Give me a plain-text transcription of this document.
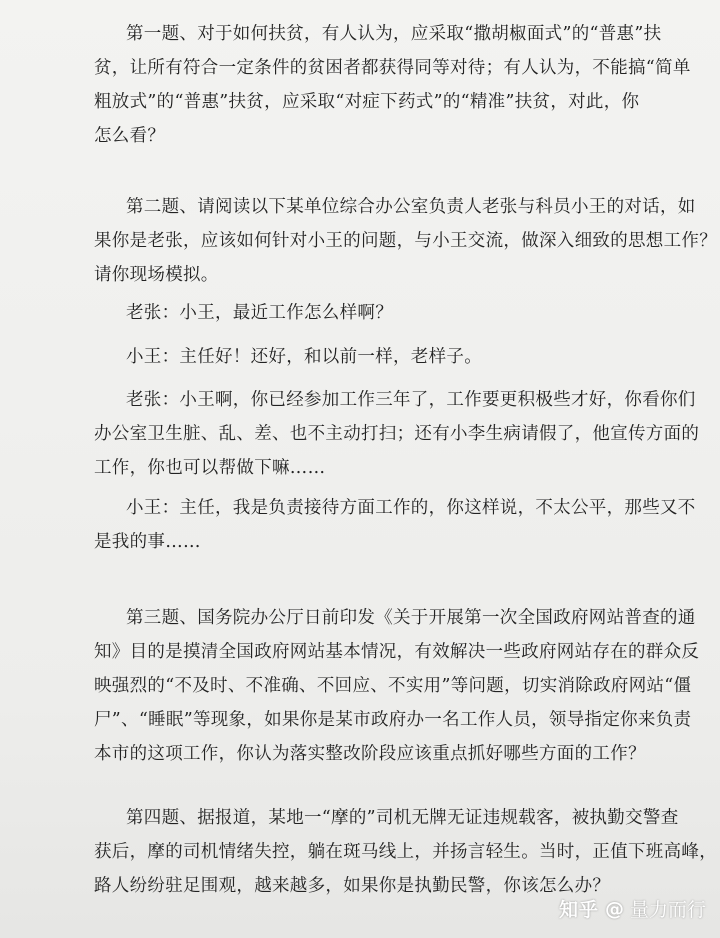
第一题、对于如何扶贫，有人认为，应采取“撒胡椒面式”的“普惠”扶
贫，让所有符合一定条件的贫困者都获得同等对待；有人认为，不能搞“简单
粗放式”的“普惠”扶贫，应采取“对症下药式”的“精准”扶贫，对此，你
怎么看？

第二题、请阅读以下某单位综合办公室负责人老张与科员小王的对话，如
果你是老张，应该如何针对小王的问题，与小王交流，做深入细致的思想工作？
请你现场模拟。

老张：小王，最近工作怎么样啊？

小王：主任好！还好，和以前一样，老样子。

老张：小王啊，你已经参加工作三年了，工作要更积极些才好，你看你们
办公室卫生脏、乱、差、也不主动打扫；还有小李生病请假了，他宣传方面的
工作，你也可以帮做下嘛……

小王：主任，我是负责接待方面工作的，你这样说，不太公平，那些又不
是我的事……

第三题、国务院办公厅日前印发《关于开展第一次全国政府网站普查的通
知》目的是摸清全国政府网站基本情况，有效解决一些政府网站存在的群众反
映强烈的“不及时、不准确、不回应、不实用”等问题，切实消除政府网站“僵
尸”、“睡眠”等现象，如果你是某市政府办一名工作人员，领导指定你来负责
本市的这项工作，你认为落实整改阶段应该重点抓好哪些方面的工作？

第四题、据报道，某地一“摩的”司机无牌无证违规载客，被执勤交警查
获后，摩的司机情绪失控，躺在斑马线上，并扬言轻生。当时，正值下班高峰，
路人纷纷驻足围观，越来越多，如果你是执勤民警，你该怎么办？

知乎 @ 量力而行
